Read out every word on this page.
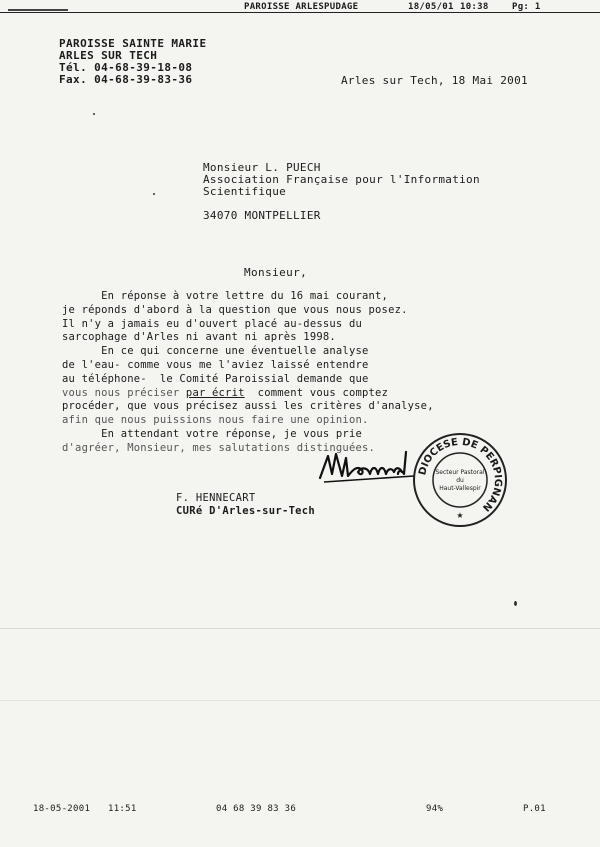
PAROISSE ARLESPUDAGE	18/05/01 10:38	Pg: 1
PAROISSE SAINTE MARIE
ARLES SUR TECH
Tél. 04-68-39-18-08
Fax. 04-68-39-83-36	Arles sur Tech, 18 Mai 2001
Monsieur L. PUECH
Association Française pour l'Information
Scientifique
34070 MONTPELLIER
Monsieur,
En réponse à votre lettre du 16 mai courant,
je réponds d'abord à la question que vous nous posez.
Il n'y a jamais eu d'ouvert placé au-dessus du
sarcophage d'Arles ni avant ni après 1998.
En ce qui concerne une éventuelle analyse
de l'eau- comme vous me l'aviez laissé entendre
au téléphone-  le Comité Paroissial demande que
vous nous préciser par écrit  comment vous comptez
procéder, que vous précisez aussi les critères d'analyse,
afin que nous puissions nous faire une opinion.
En attendant votre réponse, je vous prie
d'agréer, Monsieur, mes salutations distinguées.
DIOCESE DE PERPIGNAN
Secteur Pastoral
du
Haut-Vallespir
★
F. HENNECART
CURé D'Arles-sur-Tech
18-05-2001 11:51	04 68 39 83 36	94%	P.01
